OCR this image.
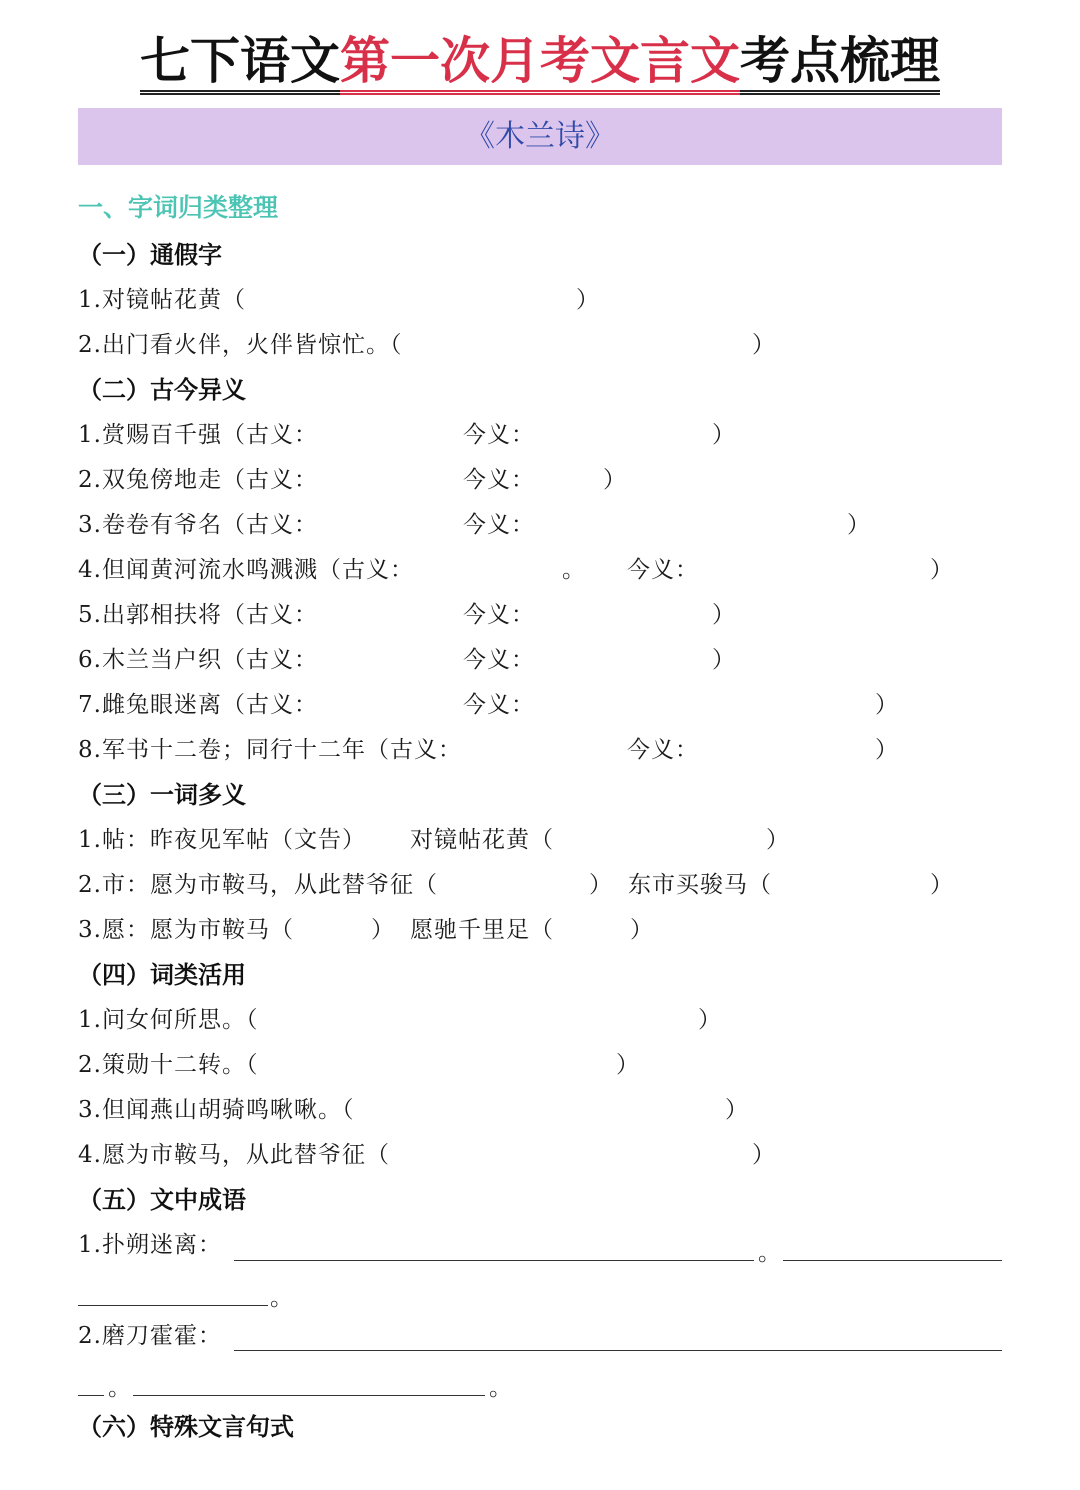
七下语文第一次月考文言文考点梳理
《木兰诗》
一、字词归类整理
（一）通假字
1.对镜帖花黄（	）
2.出门看火伴，火伴皆惊忙。（	）
（二）古今异义
1.赏赐百千强（古义：	今义：	）
2.双兔傍地走（古义：	今义：	）
3.卷卷有爷名（古义：	今义：	）
4.但闻黄河流水鸣溅溅（古义：	。 今义：	）
5.出郭相扶将（古义：	今义：	）
6.木兰当户织（古义：	今义：	）
7.雌兔眼迷离（古义：	今义：	）
8.军书十二卷；同行十二年（古义：	今义：	）
（三）一词多义
1.帖：昨夜见军帖（文告） 对镜帖花黄（	）
2.市：愿为市鞍马，从此替爷征（	） 东市买骏马（	）
3.愿：愿为市鞍马（	） 愿驰千里足（	）
（四）词类活用
1.问女何所思。（	）
2.策勋十二转。（	）
3.但闻燕山胡骑鸣啾啾。（	）
4.愿为市鞍马，从此替爷征（	）
（五）文中成语
1.扑朔迷离：	。
。
2.磨刀霍霍：
。	。
（六）特殊文言句式
